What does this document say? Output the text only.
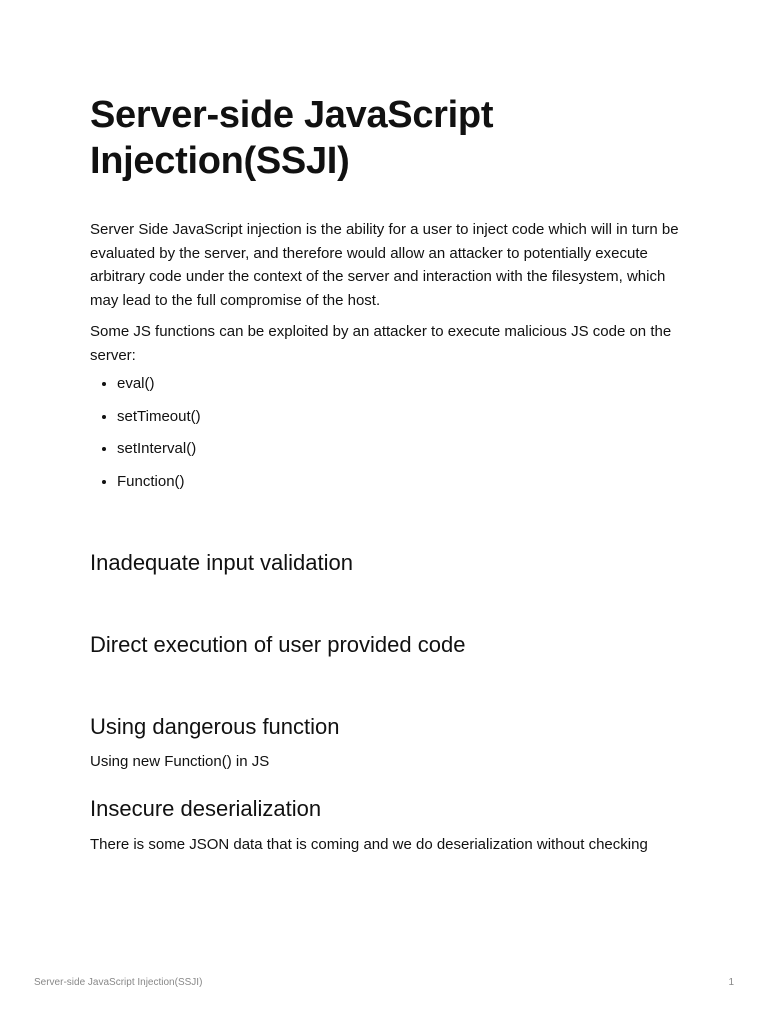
Server-side JavaScript Injection(SSJI)

Server Side JavaScript injection is the ability for a user to inject code which will in turn be evaluated by the server, and therefore would allow an attacker to potentially execute arbitrary code under the context of the server and interaction with the filesystem, which may lead to the full compromise of the host.

Some JS functions can be exploited by an attacker to execute malicious JS code on the server:

• eval()
• setTimeout()
• setInterval()
• Function()
Inadequate input validation
Direct execution of user provided code
Using dangerous function

Using new Function() in JS

Insecure deserialization

There is some JSON data that is coming and we do deserialization without checking

Server-side JavaScript Injection(SSJI)	1
